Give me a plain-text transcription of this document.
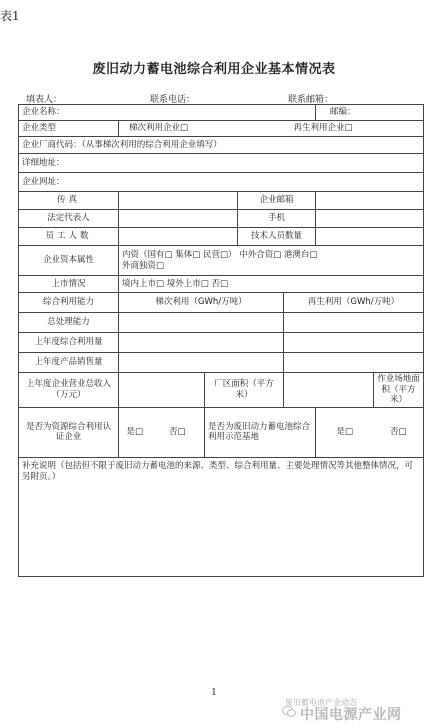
表1
废旧动力蓄电池综合利用企业基本情况表
填表人：	联系电话：	联系邮箱：
企业名称：						邮编：	
企业类型	梯次利用企业□				再生利用企业□		
企业厂商代码：（从事梯次利用的综合利用企业填写）							
详细地址：							
企业网址：							
传真				企业邮箱			
法定代表人				手机			
员工人数				技术人员数量			
企业资本属性	内资（国有□ 集体□ 民营□） 中外合资□ 港澳台□
外商独资□						

上市情况	境内上市□ 境外上市□ 否□						
综合利用能力	梯次利用（GWh/万吨）				再生利用（GWh/万吨）		
总处理能力							
上年度综合利用量							
上年度产品销售量							
上年度企业营业总收入（万元）			厂区面积（平方米）				作业场地面积（平方米）
是否为资源综合利用认证企业	是□	否□	是否为废旧动力蓄电池综合利用示范基地			是□	否□
补充说明（包括但不限于废旧动力蓄电池的来源、类型、综合利用量、主要处理情况等其他整体情况，可另附页。）							
1
废旧蓄电池产业动态
中国电源产业网
